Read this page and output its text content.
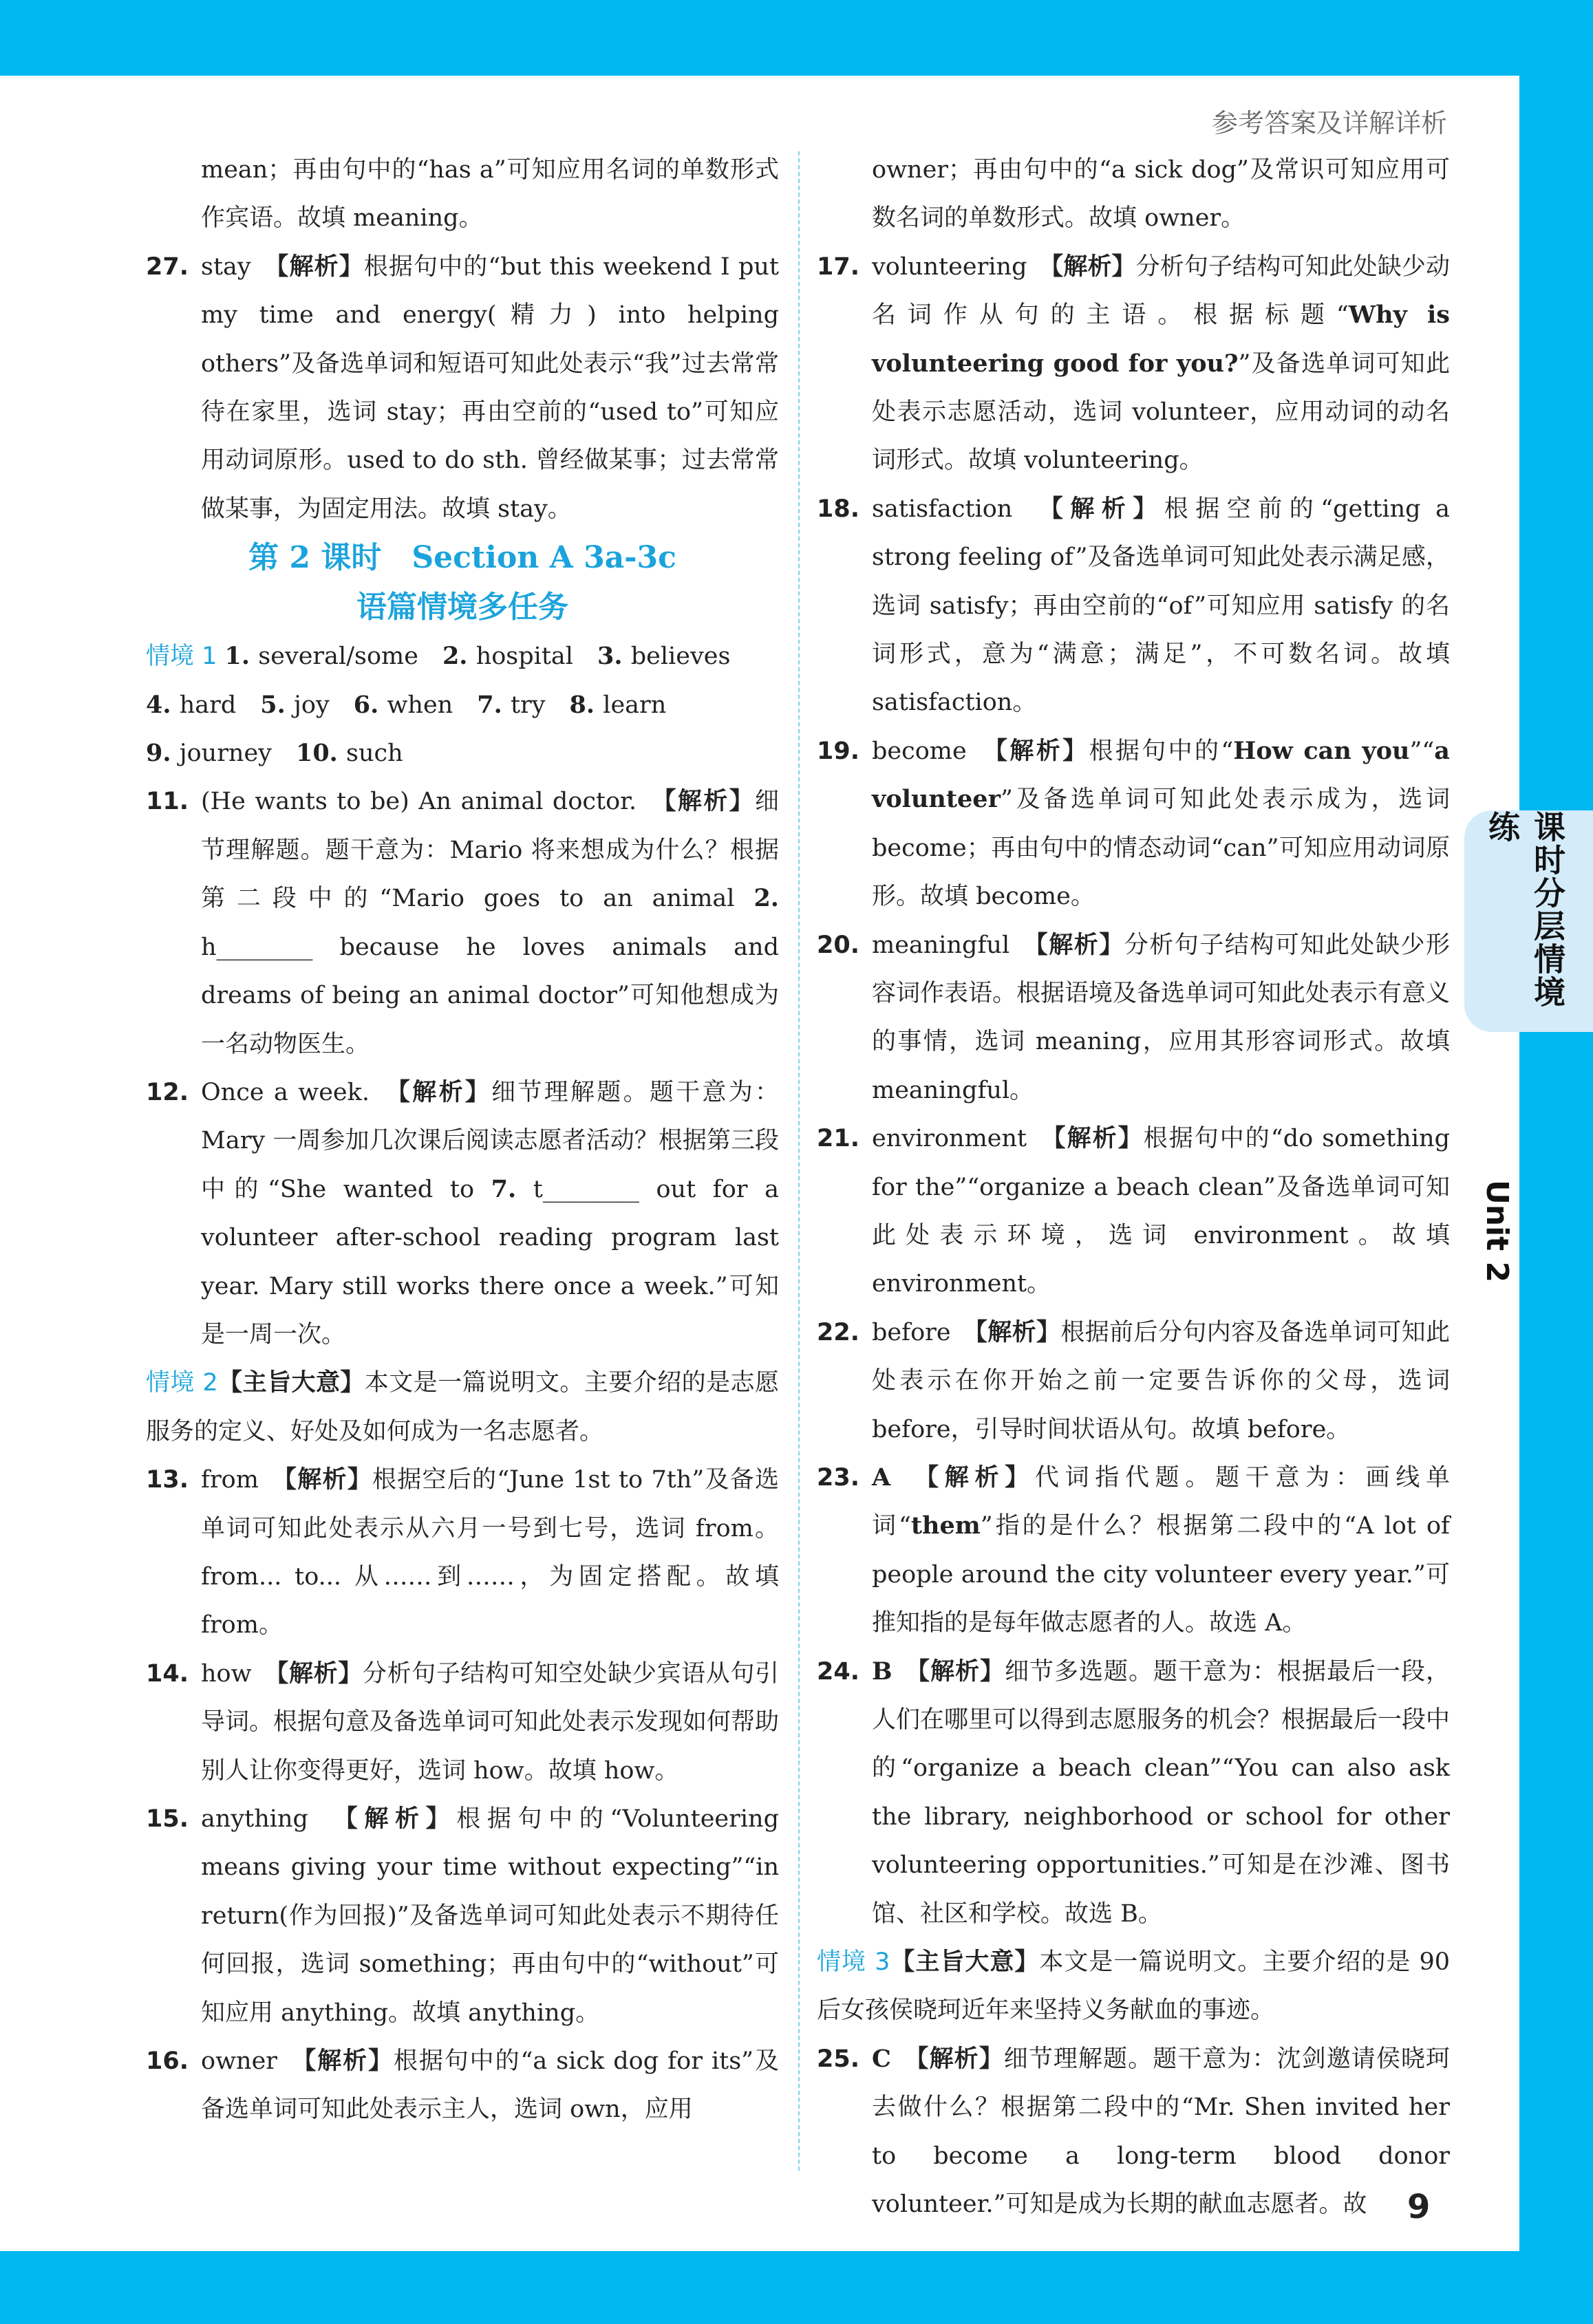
课时分层情境练
Unit 2
参考答案及详解详析
mean；再由句中的“has a”可知应用名词的单数形式作宾语。故填 meaning。
27. stay　【解析】根据句中的“but this weekend I put my time and energy(精力) into helping others”及备选单词和短语可知此处表示“我”过去常常待在家里，选词 stay；再由空前的“used to”可知应用动词原形。used to do sth. 曾经做某事；过去常常做某事，为固定用法。故填 stay。
第 2 课时　Section A 3a-3c
语篇情境多任务
情境 1 1. several/some　2. hospital　3. believes
4. hard　5. joy　6. when　7. try　8. learn
9. journey　10. such
11. (He wants to be) An animal doctor.　【解析】细节理解题。题干意为：Mario 将来想成为什么？根据第二段中的“Mario goes to an animal 2. h________ because he loves animals and dreams of being an animal doctor”可知他想成为一名动物医生。
12. Once a week.　【解析】细节理解题。题干意为：Mary 一周参加几次课后阅读志愿者活动？根据第三段中的“She wanted to 7. t________ out for a volunteer after-school reading program last year. Mary still works there once a week.”可知是一周一次。
情境 2【主旨大意】本文是一篇说明文。主要介绍的是志愿服务的定义、好处及如何成为一名志愿者。
13. from　【解析】根据空后的“June 1st to 7th”及备选单词可知此处表示从六月一号到七号，选词 from。from... to... 从……到……，为固定搭配。故填 from。
14. how　【解析】分析句子结构可知空处缺少宾语从句引导词。根据句意及备选单词可知此处表示发现如何帮助别人让你变得更好，选词 how。故填 how。
15. anything　【解析】根据句中的“Volunteering means giving your time without expecting”“in return(作为回报)”及备选单词可知此处表示不期待任何回报，选词 something；再由句中的“without”可知应用 anything。故填 anything。
16. owner　【解析】根据句中的“a sick dog for its”及备选单词可知此处表示主人，选词 own，应用
owner；再由句中的“a sick dog”及常识可知应用可数名词的单数形式。故填 owner。
17. volunteering　【解析】分析句子结构可知此处缺少动名词作从句的主语。根据标题“Why is volunteering good for you?”及备选单词可知此处表示志愿活动，选词 volunteer，应用动词的动名词形式。故填 volunteering。
18. satisfaction　【解析】根据空前的“getting a strong feeling of”及备选单词可知此处表示满足感，选词 satisfy；再由空前的“of”可知应用 satisfy 的名词形式，意为“满意；满足”，不可数名词。故填 satisfaction。
19. become　【解析】根据句中的“How can you”“a volunteer”及备选单词可知此处表示成为，选词 become；再由句中的情态动词“can”可知应用动词原形。故填 become。
20. meaningful　【解析】分析句子结构可知此处缺少形容词作表语。根据语境及备选单词可知此处表示有意义的事情，选词 meaning，应用其形容词形式。故填 meaningful。
21. environment　【解析】根据句中的“do something for the”“organize a beach clean”及备选单词可知此处表示环境，选词 environment。故填 environment。
22. before　【解析】根据前后分句内容及备选单词可知此处表示在你开始之前一定要告诉你的父母，选词 before，引导时间状语从句。故填 before。
23. A　【解析】代词指代题。题干意为：画线单词“them”指的是什么？根据第二段中的“A lot of people around the city volunteer every year.”可推知指的是每年做志愿者的人。故选 A。
24. B　【解析】细节多选题。题干意为：根据最后一段，人们在哪里可以得到志愿服务的机会？根据最后一段中的“organize a beach clean”“You can also ask the library, neighborhood or school for other volunteering opportunities.”可知是在沙滩、图书馆、社区和学校。故选 B。
情境 3【主旨大意】本文是一篇说明文。主要介绍的是 90 后女孩侯晓珂近年来坚持义务献血的事迹。
25. C　【解析】细节理解题。题干意为：沈剑邀请侯晓珂去做什么？根据第二段中的“Mr. Shen invited her to become a long-term blood donor volunteer.”可知是成为长期的献血志愿者。故	9
